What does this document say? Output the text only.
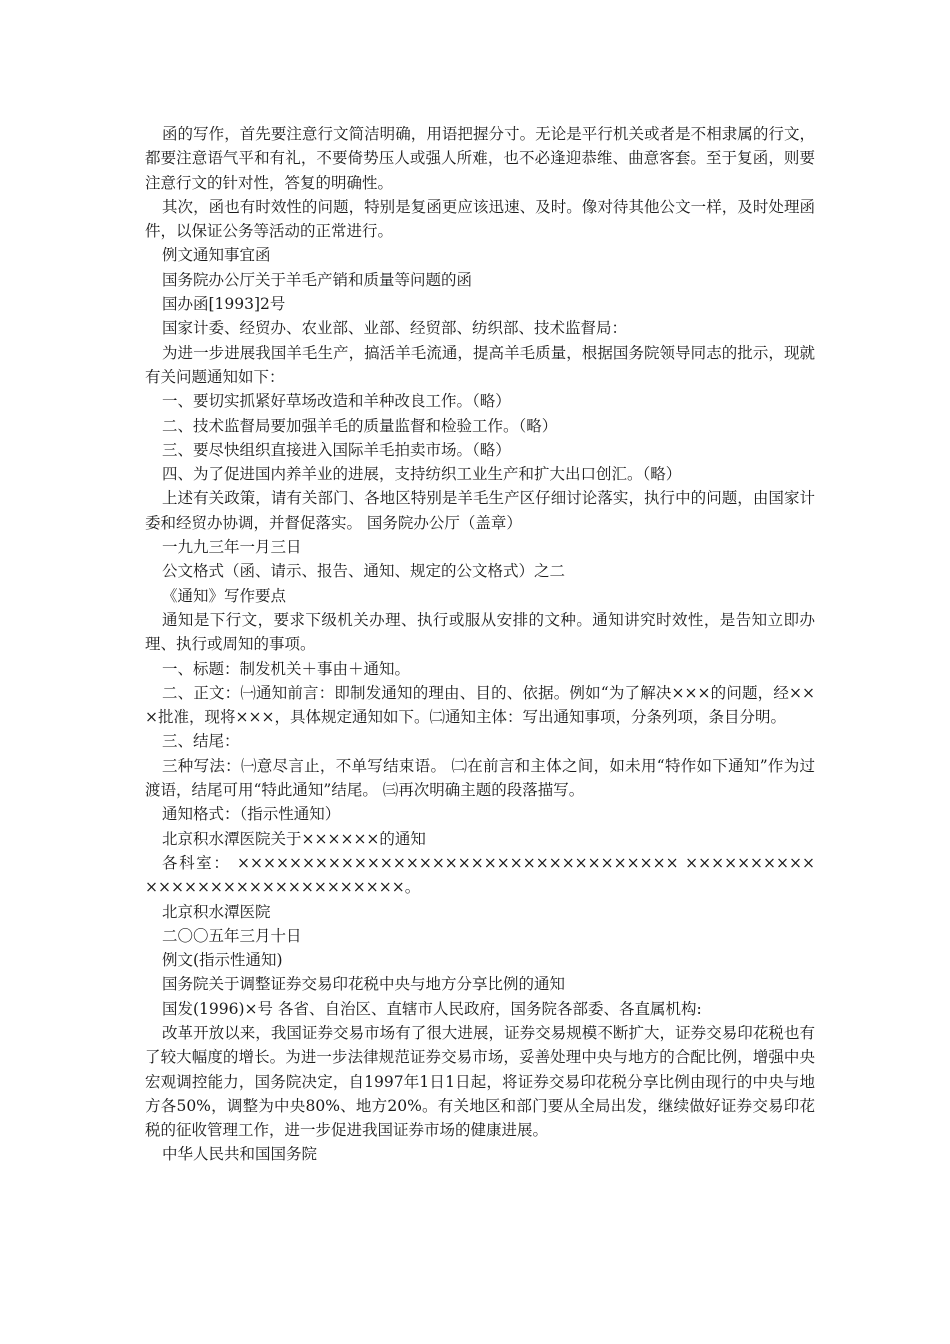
函的写作，首先要注意行文简洁明确，用语把握分寸。无论是平行机关或者是不相隶属的行文，都要注意语气平和有礼，不要倚势压人或强人所难，也不必逢迎恭维、曲意客套。至于复函，则要注意行文的针对性，答复的明确性。

其次，函也有时效性的问题，特别是复函更应该迅速、及时。像对待其他公文一样，及时处理函件，以保证公务等活动的正常进行。

例文通知事宜函

国务院办公厅关于羊毛产销和质量等问题的函

国办函[1993]2号

国家计委、经贸办、农业部、业部、经贸部、纺织部、技术监督局：

为进一步进展我国羊毛生产，搞活羊毛流通，提高羊毛质量，根据国务院领导同志的批示，现就有关问题通知如下：

一、要切实抓紧好草场改造和羊种改良工作。（略）

二、技术监督局要加强羊毛的质量监督和检验工作。（略）

三、要尽快组织直接进入国际羊毛拍卖市场。（略）

四、为了促进国内养羊业的进展，支持纺织工业生产和扩大出口创汇。（略）

上述有关政策，请有关部门、各地区特别是羊毛生产区仔细讨论落实，执行中的问题，由国家计委和经贸办协调，并督促落实。 国务院办公厅（盖章）

一九九三年一月三日

公文格式（函、请示、报告、通知、规定的公文格式）之二

《通知》写作要点

通知是下行文，要求下级机关办理、执行或服从安排的文种。通知讲究时效性，是告知立即办理、执行或周知的事项。

一、标题：制发机关＋事由＋通知。

二、正文：㈠通知前言：即制发通知的理由、目的、依据。例如“为了解决×××的问题，经×××批准，现将×××，具体规定通知如下。㈡通知主体：写出通知事项，分条列项，条目分明。

三、结尾：

三种写法：㈠意尽言止，不单写结束语。 ㈡在前言和主体之间，如未用“特作如下通知”作为过渡语，结尾可用“特此通知”结尾。 ㈢再次明确主题的段落描写。

通知格式：（指示性通知）

北京积水潭医院关于××××××的通知

各科室： ×××××××××××××××××××××××××××××××××× ××××××××××××××××××××××××××××××。

北京积水潭医院

二〇〇五年三月十日

例文(指示性通知)

国务院关于调整证券交易印花税中央与地方分享比例的通知

国发(1996)×号 各省、自治区、直辖市人民政府，国务院各部委、各直属机构:

改革开放以来，我国证券交易市场有了很大进展，证券交易规模不断扩大，证券交易印花税也有了较大幅度的增长。为进一步法律规范证券交易市场，妥善处理中央与地方的合配比例，增强中央宏观调控能力，国务院决定，自1997年1日1日起，将证券交易印花税分享比例由现行的中央与地方各50%，调整为中央80%、地方20%。有关地区和部门要从全局出发，继续做好证券交易印花税的征收管理工作，进一步促进我国证券市场的健康进展。

中华人民共和国国务院
